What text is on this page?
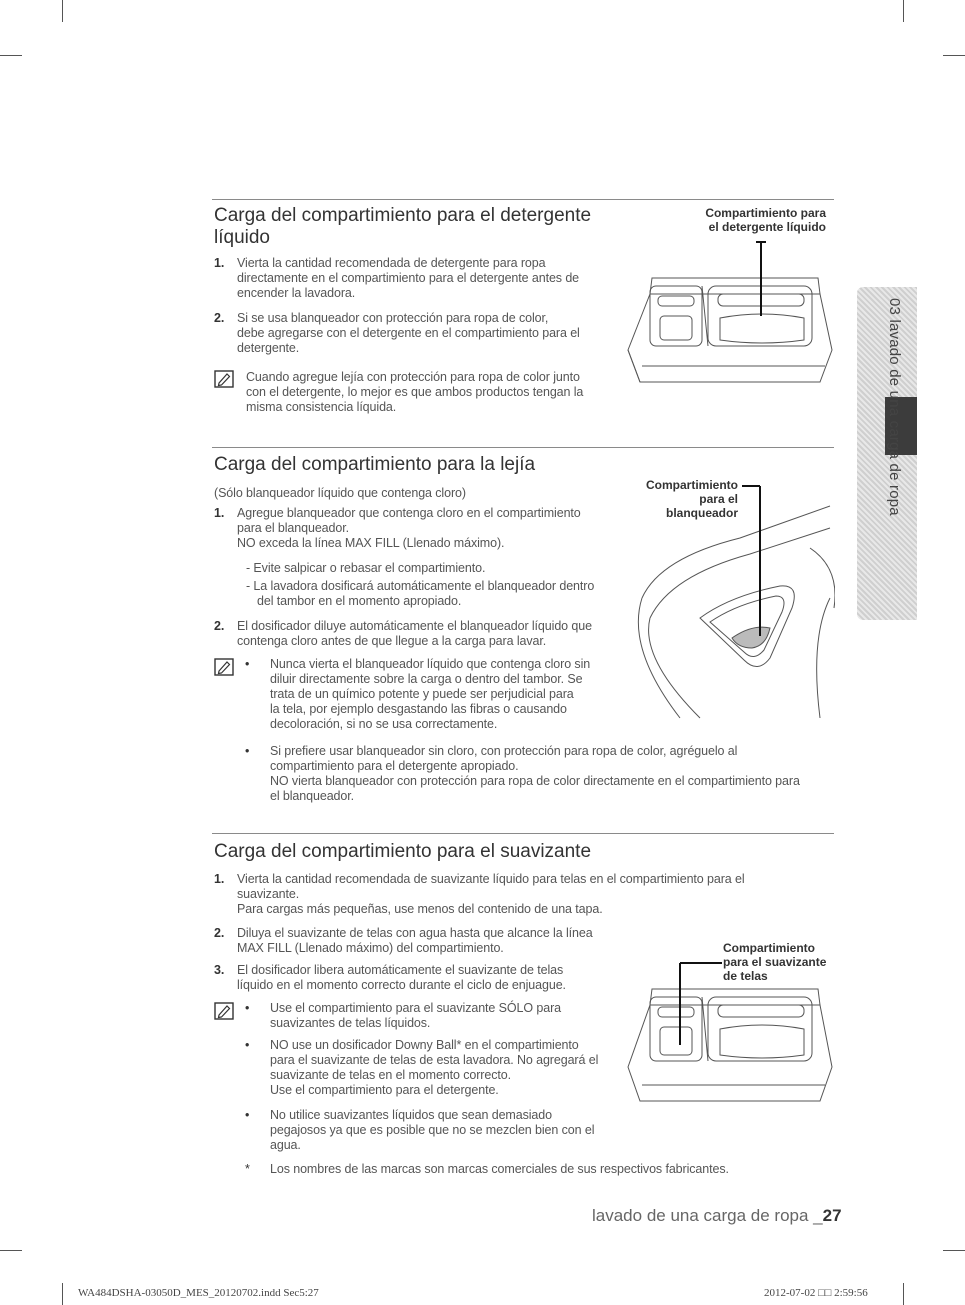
03 lavado de una carga de ropa
Carga del compartimiento para el detergente
líquido
1. Vierta la cantidad recomendada de detergente para ropa
directamente en el compartimiento para el detergente antes de
encender la lavadora.
2. Si se usa blanqueador con protección para ropa de color,
debe agregarse con el detergente en el compartimiento para el
detergente.
Cuando agregue lejía con protección para ropa de color junto
con el detergente, lo mejor es que ambos productos tengan la
misma consistencia líquida.
Compartimiento para
el detergente líquido
Carga del compartimiento para la lejía
(Sólo blanqueador líquido que contenga cloro)
1. Agregue blanqueador que contenga cloro en el compartimiento
para el blanqueador.
NO exceda la línea MAX FILL (Llenado máximo).
- Evite salpicar o rebasar el compartimiento.
- La lavadora dosificará automáticamente el blanqueador dentro
del tambor en el momento apropiado.
2. El dosificador diluye automáticamente el blanqueador líquido que
contenga cloro antes de que llegue a la carga para lavar.
• Nunca vierta el blanqueador líquido que contenga cloro sin
diluir directamente sobre la carga o dentro del tambor. Se
trata de un químico potente y puede ser perjudicial para
la tela, por ejemplo desgastando las fibras o causando
decoloración, si no se usa correctamente.
• Si prefiere usar blanqueador sin cloro, con protección para ropa de color, agréguelo al
compartimiento para el detergente apropiado.
NO vierta blanqueador con protección para ropa de color directamente en el compartimiento para
el blanqueador.
Compartimiento
para el
blanqueador
Carga del compartimiento para el suavizante
1. Vierta la cantidad recomendada de suavizante líquido para telas en el compartimiento para el
suavizante.
Para cargas más pequeñas, use menos del contenido de una tapa.
2. Diluya el suavizante de telas con agua hasta que alcance la línea
MAX FILL (Llenado máximo) del compartimiento.
3. El dosificador libera automáticamente el suavizante de telas
líquido en el momento correcto durante el ciclo de enjuague.
• Use el compartimiento para el suavizante SÓLO para
suavizantes de telas líquidos.
• NO use un dosificador Downy Ball* en el compartimiento
para el suavizante de telas de esta lavadora. No agregará el
suavizante de telas en el momento correcto.
Use el compartimiento para el detergente.
• No utilice suavizantes líquidos que sean demasiado
pegajosos ya que es posible que no se mezclen bien con el
agua.
* Los nombres de las marcas son marcas comerciales de sus respectivos fabricantes.
Compartimiento
para el suavizante
de telas
lavado de una carga de ropa _27
WA484DSHA-03050D_MES_20120702.indd Sec5:27	2012-07-02 □□ 2:59:56
